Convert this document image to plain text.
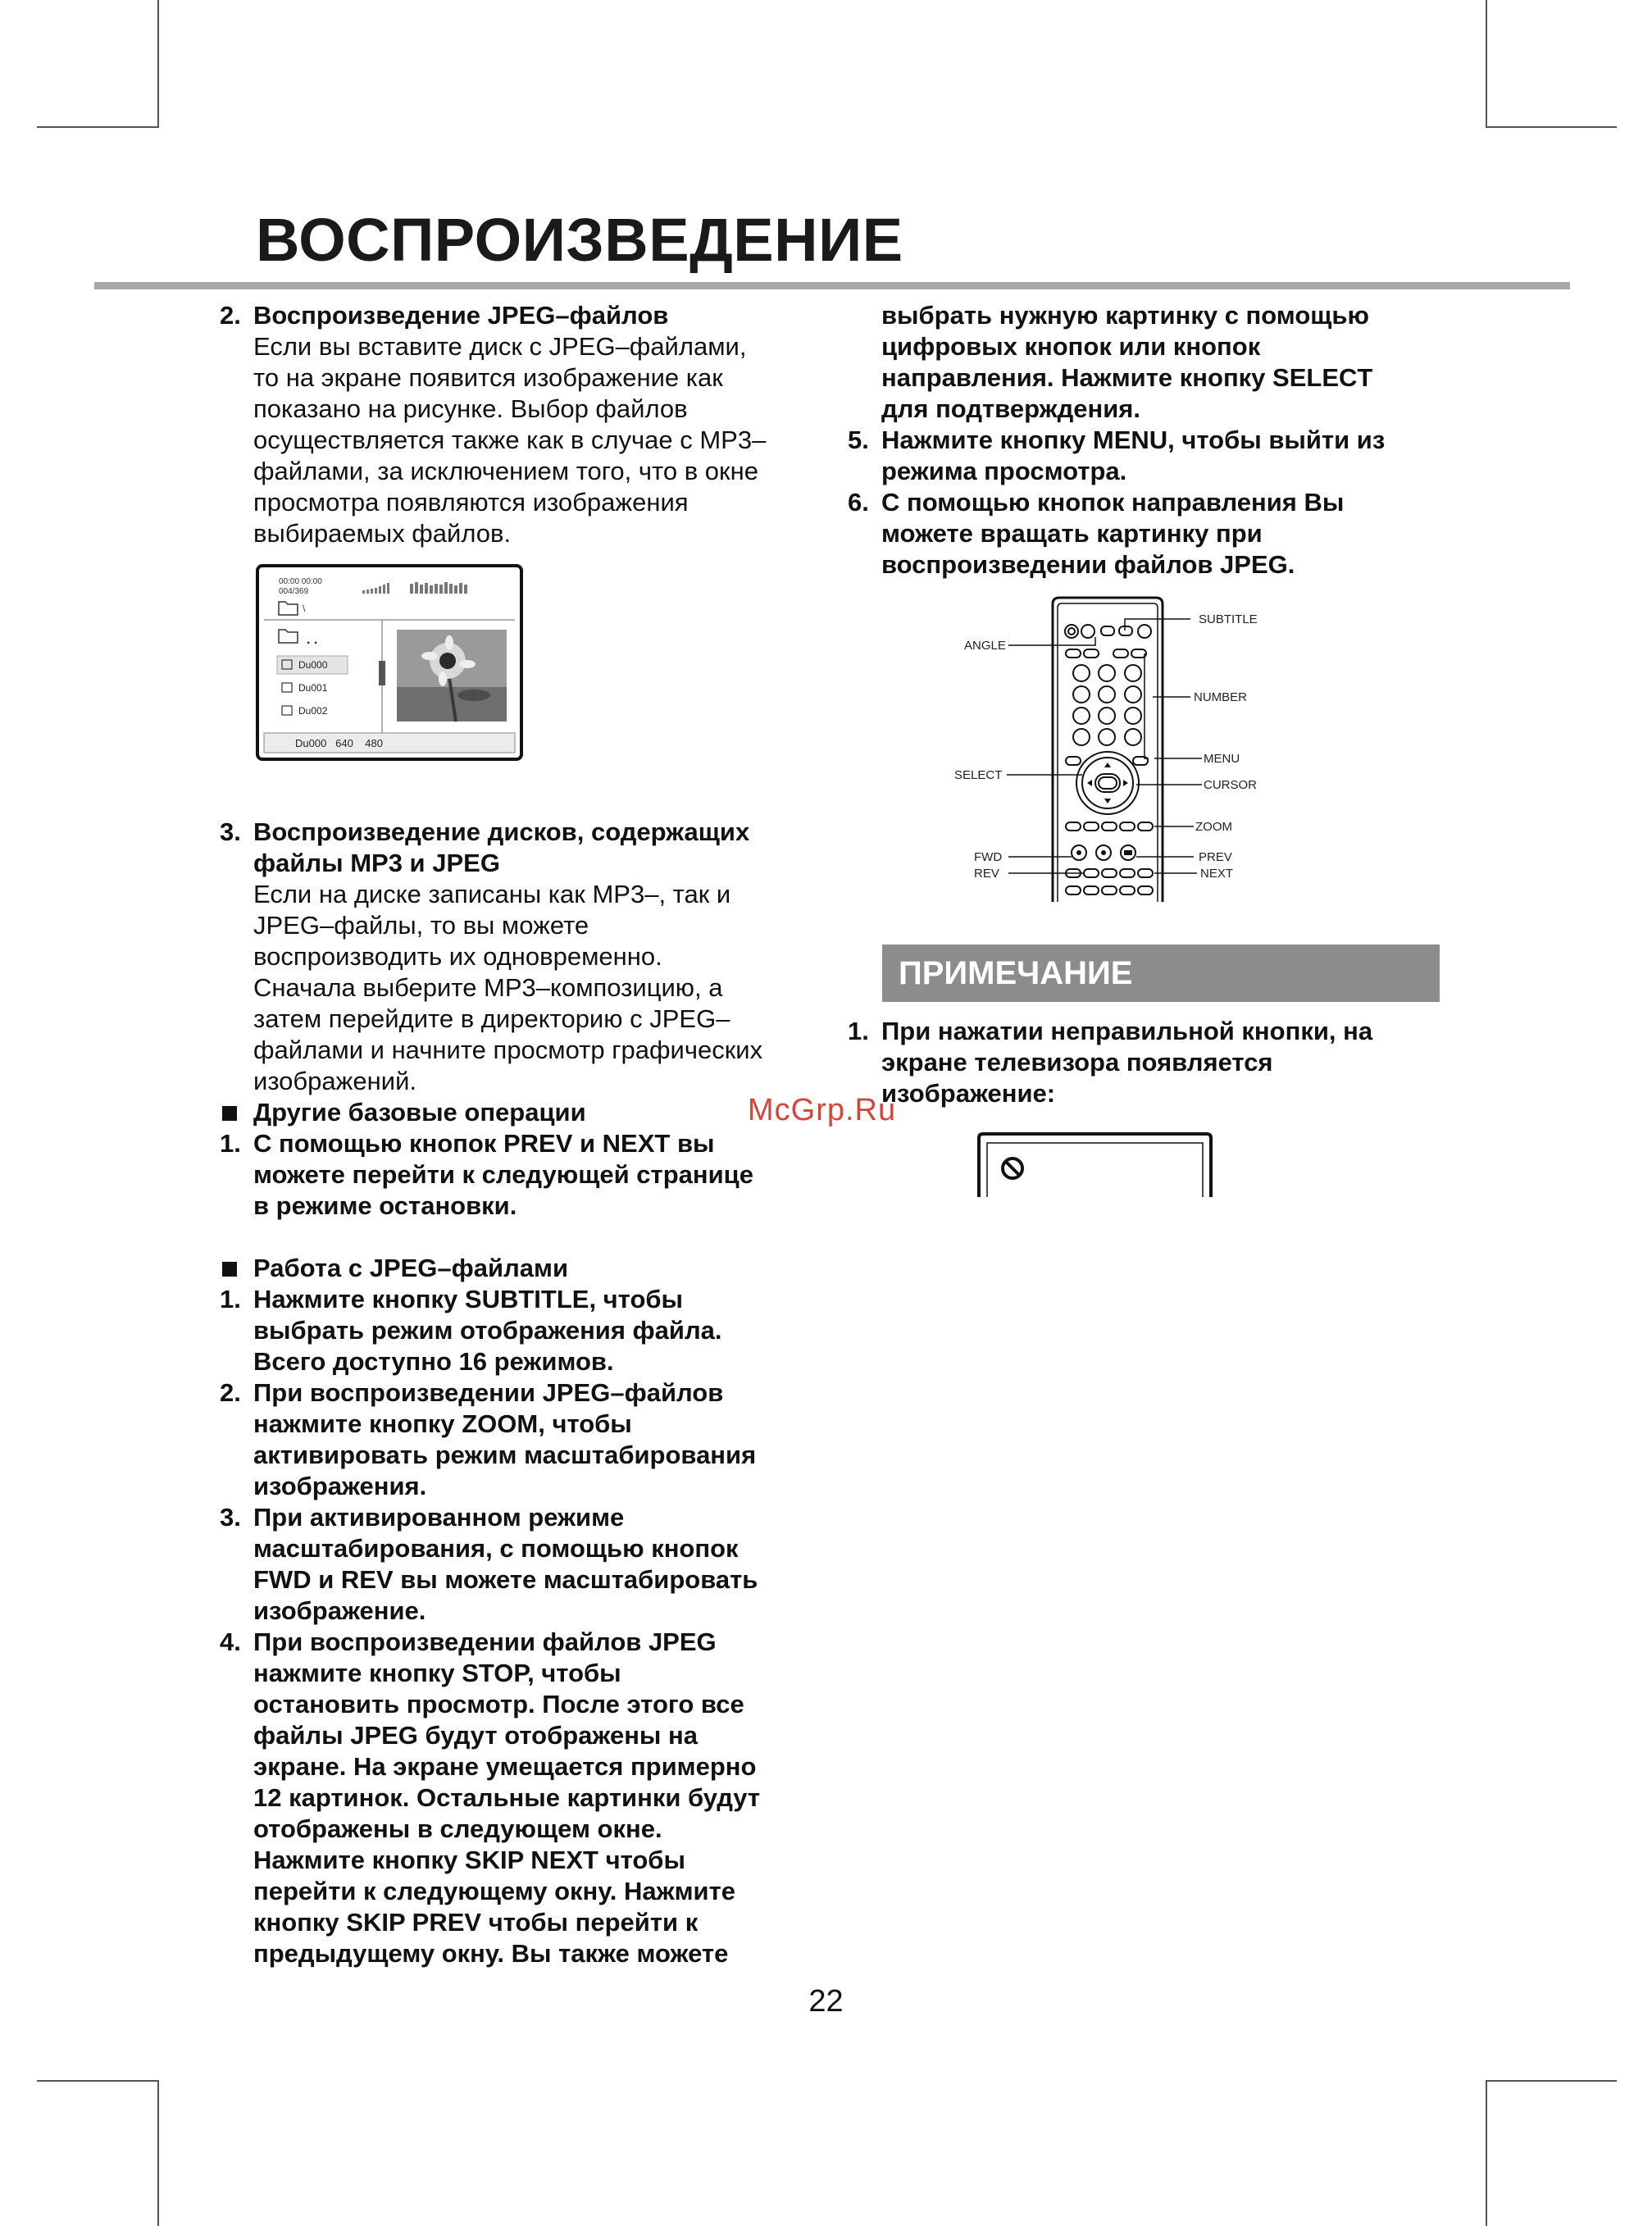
ВОСПРОИЗВЕДЕНИЕ
2. Воспроизведение JPEG–файлов
Если вы вставите диск с JPEG–файлами,
то на экране появится изображение как
показано на рисунке. Выбор файлов
осуществляется также как в случае с MP3–
файлами, за исключением того, что в окне
просмотра появляются изображения
выбираемых файлов.
3. Воспроизведение дисков, содержащих
файлы MP3 и JPEG
Если на диске записаны как MP3–, так и
JPEG–файлы, то вы можете
воспроизводить их одновременно.
Сначала выберите MP3–композицию, а
затем перейдите в директорию с JPEG–
файлами и начните просмотр графических
изображений.
Другие базовые операции
1. С помощью кнопок PREV и NEXT вы
можете перейти к следующей странице
в режиме остановки.
Работа с JPEG–файлами
1. Нажмите кнопку SUBTITLE, чтобы
выбрать режим отображения файла.
Всего доступно 16 режимов.
2. При воспроизведении JPEG–файлов
нажмите кнопку ZOOM, чтобы
активировать режим масштабирования
изображения.
3. При активированном режиме
масштабирования, с помощью кнопок
FWD и REV вы можете масштабировать
изображение.
4. При воспроизведении файлов JPEG
нажмите кнопку STOP, чтобы
остановить просмотр. После этого все
файлы JPEG будут отображены на
экране. На экране умещается примерно
12 картинок. Остальные картинки будут
отображены в следующем окне.
Нажмите кнопку SKIP NEXT чтобы
перейти к следующему окну. Нажмите
кнопку SKIP PREV чтобы перейти к
предыдущему окну. Вы также можете
00:00 00:00
004/369
\
. .
Du000
Du001
Du002
Du000   640    480
выбрать нужную картинку с помощью
цифровых кнопок или кнопок
направления. Нажмите кнопку SELECT
для подтверждения.
5. Нажмите кнопку MENU, чтобы выйти из
режима просмотра.
6. С помощью кнопок направления Вы
можете вращать картинку при
воспроизведении файлов JPEG.
SUBTITLE
ANGLE
NUMBER
MENU
SELECT
CURSOR
ZOOM
FWD	PREV
REV	NEXT
ПРИМЕЧАНИЕ
1. При нажатии неправильной кнопки, на
экране телевизора появляется
изображение:
McGrp.Ru
22
